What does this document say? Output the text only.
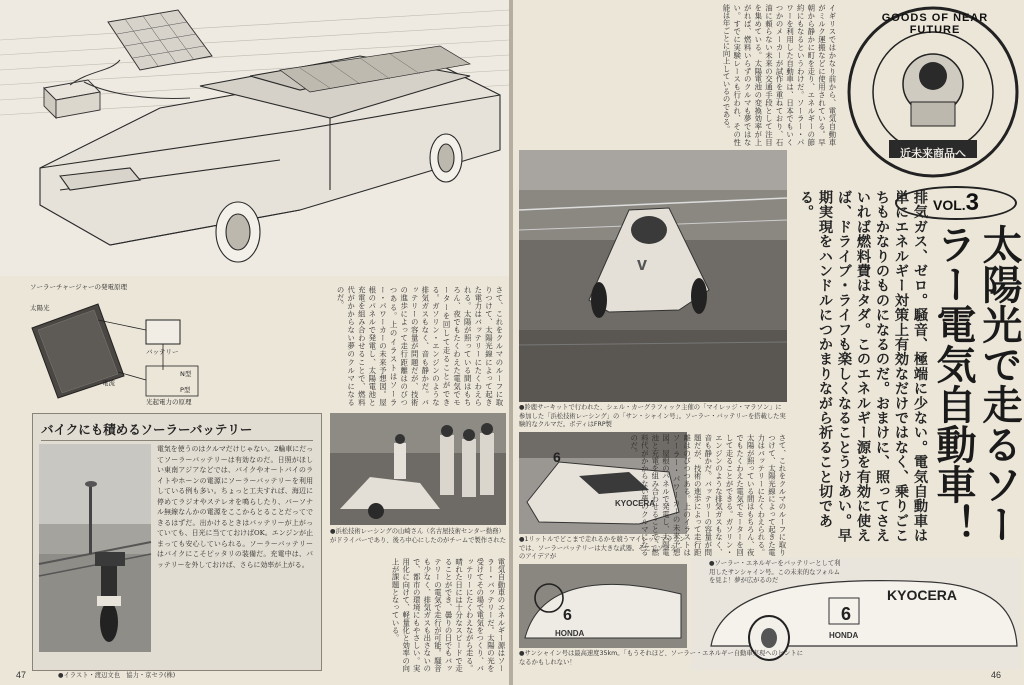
ソーラーチャージャーの発電原理
太陽光
バッテリー
N型
P型
電流
光起電力の原理	さて、これをクルマのルーフに取りつけて、太陽光線によって起きた電力はバッテリーにたくわえられる。太陽が照っている間はもちろん、夜でもたくわえた電気でモーターを回して走ることができる。ガソリン・エンジンのような排気ガスもなく、音も静かだ。バッテリーの容量が問題だが、技術の進歩によって走行距離はのびつつある。上のイラストはソーラー・パワーカーの未来予想図。屋根のパネルで発電し、太陽電池と充電を組み合わせることで、燃料代がかからない夢のクルマになるのだ。
バイクにも積めるソーラーバッテリー
電気を使うのはクルマだけじゃない。2輪車にだってソーラーバッテリーは有効なのだ。日照がほしい東南アジアなどでは、バイクやオートバイのライトやホーンの電源にソーラーバッテリーを利用している例も多い。ちょっと工夫すれば、海辺に停めてラジオやステレオを鳴らしたり、パーソナル無線なんかの電源をここからとることだってできるはずだ。出かけるときはバッテリーが上がっていても、日光に当てておけばOK。エンジンが止まっても安心していられる。ソーラーバッテリーはバイクにこそピッタリの装備だ。充電中は、バッテリーを外しておけば、さらに効率が上がる。
●浜松技術レーシングの山崎さん（名古屋技術センター勤務）がドライバーであり、後ろ中心にしたのがチームで製作された
電気自動車のエネルギー源はソーラー・バッテリーだ。太陽の光を受けてその場で電気をつくり、バッテリーにたくわえながら走る。晴れた日には十分なスピードで走ることができ、曇りの日でもバッテリーの電気で走行が可能。騒音も少なく、排気ガスも出さないので、都市の環境にもやさしい。実用化に向けて、軽量化と効率の向上が課題となっている。
●イラスト・渡辺文也　協力・京セラ(株)
47
イギリスではかなり前から、電気自動車がミルク運搬などに使用されている。早朝から静かに町を走り、エネルギーの節約にもなるというわけだ。ソーラー・パワーを利用した自動車は、日本でもいくつかのメーカーが試作を重ねており、石油に頼らない未来の交通手段として注目を集めている。太陽電池の変換効率が上がれば、燃料いらずのクルマも夢ではない。すでに実験レースも行われ、その性能は年ごとに向上しているのである。	GOODS OF NEAR FUTURE
近未来商品へ
v
●鈴鹿サーキットで行われた、シェル・カーグラフィック主催の「マイレッジ・マラソン」に参加した「浜松技術レーシング」の「サン・シャイン号」。ソーラー・バッテリーを搭載した実験的なクルマだ。ボディはFRP製
VOL.3
ラー電気自動車！ 太陽光で走るソー
排気ガス、ゼロ。騒音、極端に少ない。電気自動車は単にエネルギー対策上有効なだけではなく、乗りごこちもかなりのものになるのだ。おまけに、照ってさえいれば燃料費はタダ。このエネルギー源を有効に使えば、ドライブ・ライフも楽しくなることうけあい。早期実現をハンドルにつかまりながら祈ること切である。
6
KYOCERA
●1リットルでどこまで走れるかを競うマイレッジマラソンでは、ソーラーバッテリーは大きな武器。そこでソーラーのアイデアが
さて、これをクルマのルーフに取りつけて、太陽光線によって起きた電力はバッテリーにたくわえられる。太陽が照っている間はもちろん、夜でもたくわえた電気でモーターを回して走ることができる。ガソリン・エンジンのような排気ガスもなく、音も静かだ。バッテリーの容量が問題だが、技術の進歩によって走行距離はのびつつある。上のイラストはソーラー・パワーカーの未来予想図。屋根のパネルで発電し、太陽電池と充電を組み合わせることで、燃料代がかからない夢のクルマになるのだ。
6
KYOCERA
HONDA
●ソーラー・エネルギーをバッテリーとして利用したサンシャイン号。この未来的なフォルムを見よ！夢が広がるのだ
6
HONDA
●サンシャイン号は最高速度35km。「もうそれほど、ソーラー・エネルギー自動車実現へのヒントになるかもしれない！
46
